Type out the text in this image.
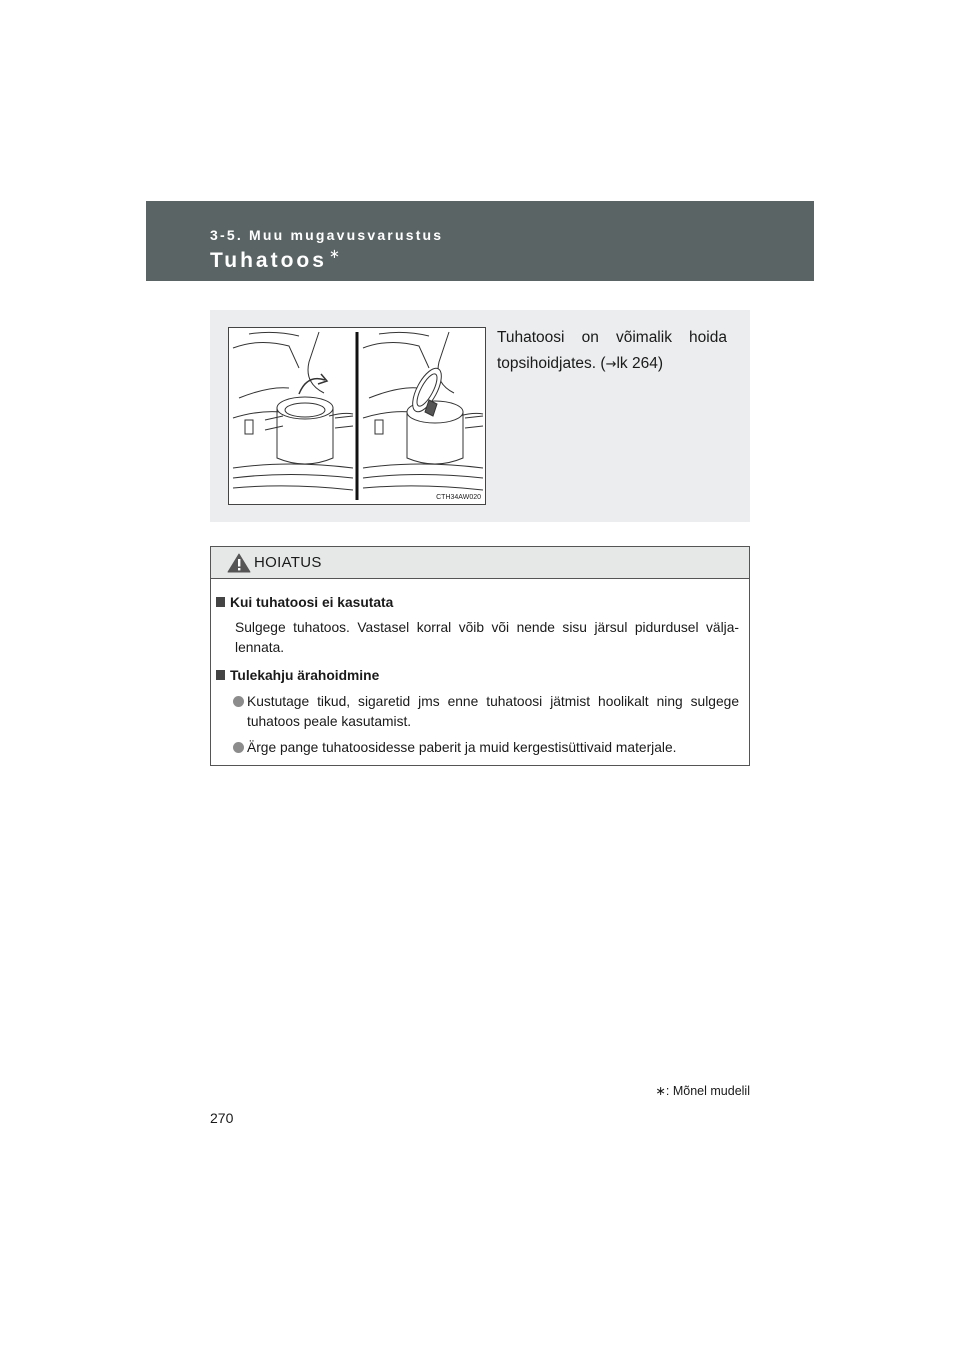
3-5. Muu mugavusvarustus
Tuhatoos ∗
CTH34AW020
Tuhatoosi on võimalik hoida
topsihoidjates. (→lk 264)
HOIATUS
Kui tuhatoosi ei kasutata
Sulgege tuhatoos. Vastasel korral võib või nende sisu järsul pidurdusel välja-lennata.
Tulekahju ärahoidmine
Kustutage tikud, sigaretid jms enne tuhatoosi jätmist hoolikalt ning sulgege tuhatoos peale kasutamist.
Ärge pange tuhatoosidesse paberit ja muid kergestisüttivaid materjale.
∗: Mõnel mudelil
270
